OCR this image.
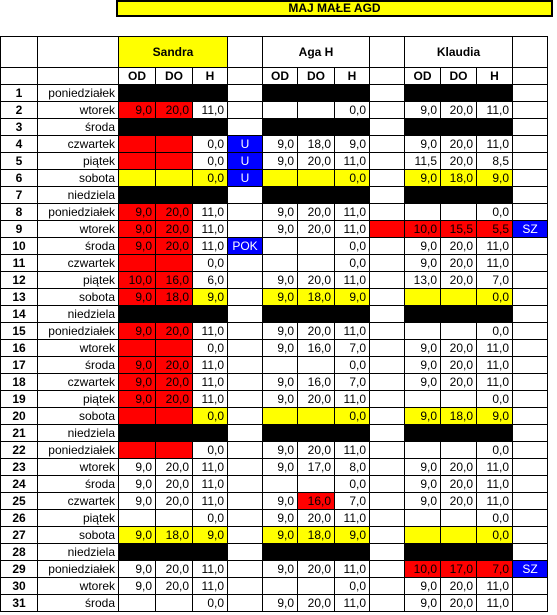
MAJ MAŁE AGD
		Sandra				Aga H				Klaudia			
		OD	DO	H		OD	DO	H		OD	DO	H	
1	poniedziałek												
2	wtorek	9,0	20,0	11,0				0,0		9,0	20,0	11,0	
3	środa												
4	czwartek			0,0	U	9,0	18,0	9,0		9,0	20,0	11,0	
5	piątek			0,0	U	9,0	20,0	11,0		11,5	20,0	8,5	
6	sobota			0,0	U			0,0		9,0	18,0	9,0	
7	niedziela												
8	poniedziałek	9,0	20,0	11,0		9,0	20,0	11,0				0,0	
9	wtorek	9,0	20,0	11,0		9,0	20,0	11,0		10,0	15,5	5,5	SZ
10	środa	9,0	20,0	11,0	POK			0,0		9,0	20,0	11,0	
11	czwartek			0,0				0,0		9,0	20,0	11,0	
12	piątek	10,0	16,0	6,0		9,0	20,0	11,0		13,0	20,0	7,0	
13	sobota	9,0	18,0	9,0		9,0	18,0	9,0				0,0	
14	niedziela												
15	poniedziałek	9,0	20,0	11,0		9,0	20,0	11,0				0,0	
16	wtorek			0,0		9,0	16,0	7,0		9,0	20,0	11,0	
17	środa	9,0	20,0	11,0				0,0		9,0	20,0	11,0	
18	czwartek	9,0	20,0	11,0		9,0	16,0	7,0		9,0	20,0	11,0	
19	piątek	9,0	20,0	11,0		9,0	20,0	11,0				0,0	
20	sobota			0,0				0,0		9,0	18,0	9,0	
21	niedziela												
22	poniedziałek			0,0		9,0	20,0	11,0				0,0	
23	wtorek	9,0	20,0	11,0		9,0	17,0	8,0		9,0	20,0	11,0	
24	środa	9,0	20,0	11,0				0,0		9,0	20,0	11,0	
25	czwartek	9,0	20,0	11,0		9,0	16,0	7,0		9,0	20,0	11,0	
26	piątek			0,0		9,0	20,0	11,0				0,0	
27	sobota	9,0	18,0	9,0		9,0	18,0	9,0				0,0	
28	niedziela												
29	poniedziałek	9,0	20,0	11,0		9,0	20,0	11,0		10,0	17,0	7,0	SZ
30	wtorek	9,0	20,0	11,0				0,0		9,0	20,0	11,0	
31	środa			0,0		9,0	20,0	11,0		9,0	20,0	11,0	
